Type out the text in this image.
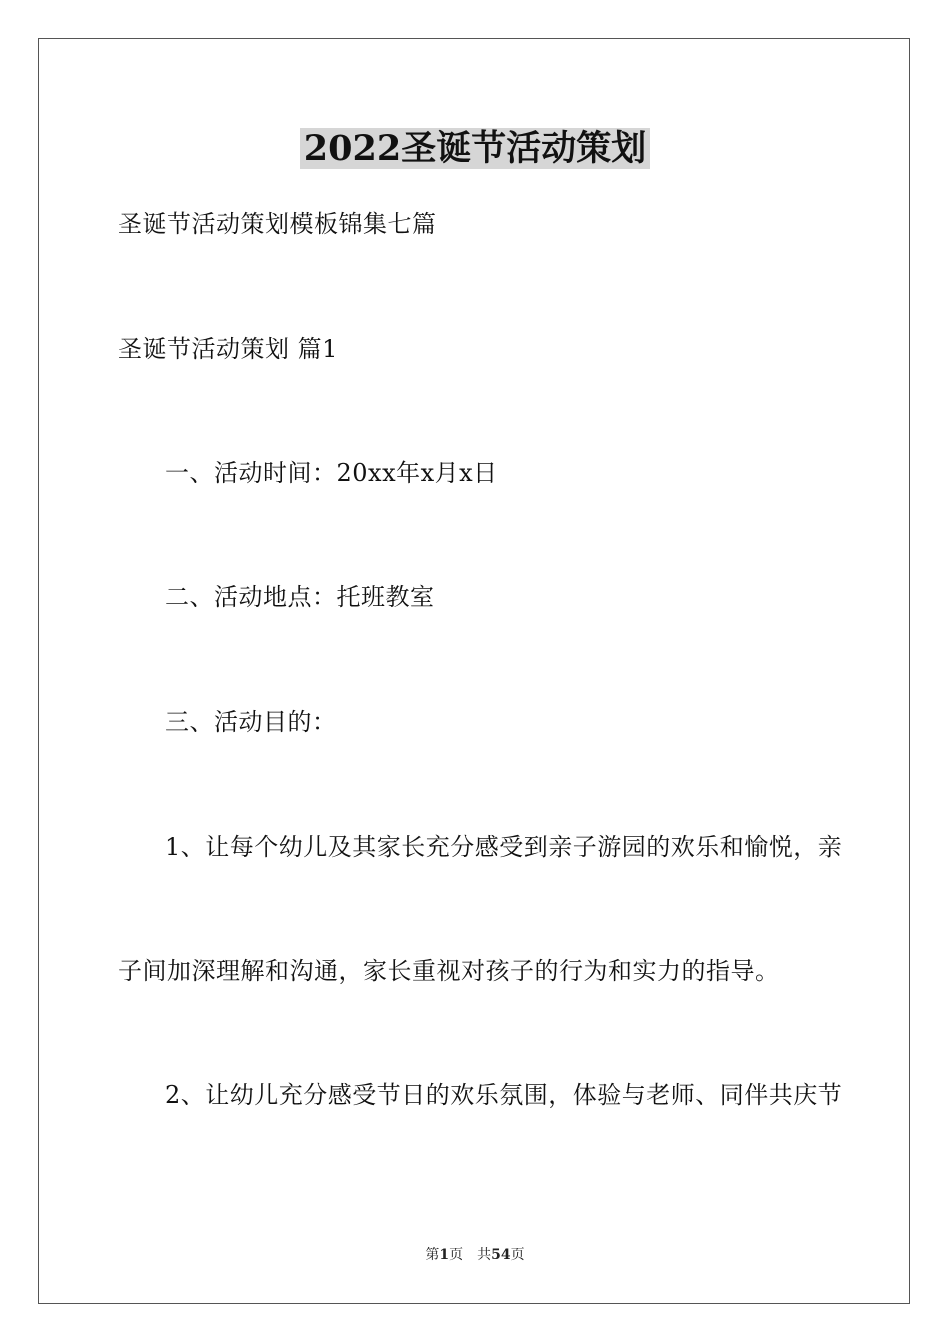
2022圣诞节活动策划
圣诞节活动策划模板锦集七篇
圣诞节活动策划 篇1
一、活动时间：20xx年x月x日
二、活动地点：托班教室
三、活动目的：
1、让每个幼儿及其家长充分感受到亲子游园的欢乐和愉悦，亲
子间加深理解和沟通，家长重视对孩子的行为和实力的指导。
2、让幼儿充分感受节日的欢乐氛围，体验与老师、同伴共庆节
第1页　共54页
